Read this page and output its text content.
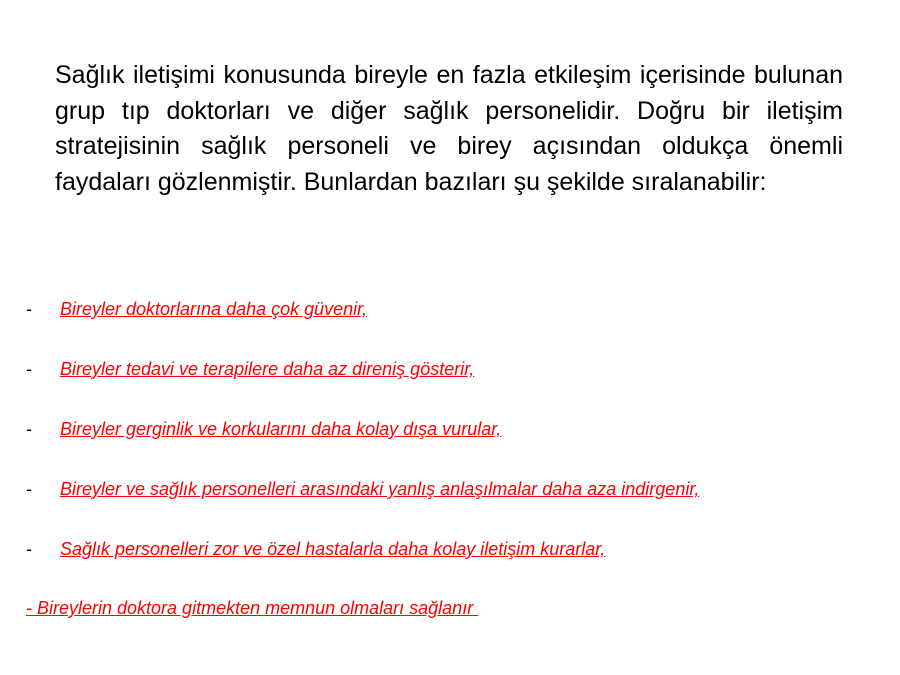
Sağlık iletişimi konusunda bireyle en fazla etkileşim içerisinde bulunan grup tıp doktorları ve diğer sağlık personelidir. Doğru bir iletişim stratejisinin sağlık personeli ve birey açısından oldukça önemli faydaları gözlenmiştir. Bunlardan bazıları şu şekilde sıralanabilir:

- Bireyler doktorlarına daha çok güvenir,
- Bireyler tedavi ve terapilere daha az direniş gösterir,
- Bireyler gerginlik ve korkularını daha kolay dışa vurular,
- Bireyler ve sağlık personelleri arasındaki yanlış anlaşılmalar daha aza indirgenir,
- Sağlık personelleri zor ve özel hastalarla daha kolay iletişim kurarlar,
- Bireylerin doktora gitmekten memnun olmaları sağlanır
